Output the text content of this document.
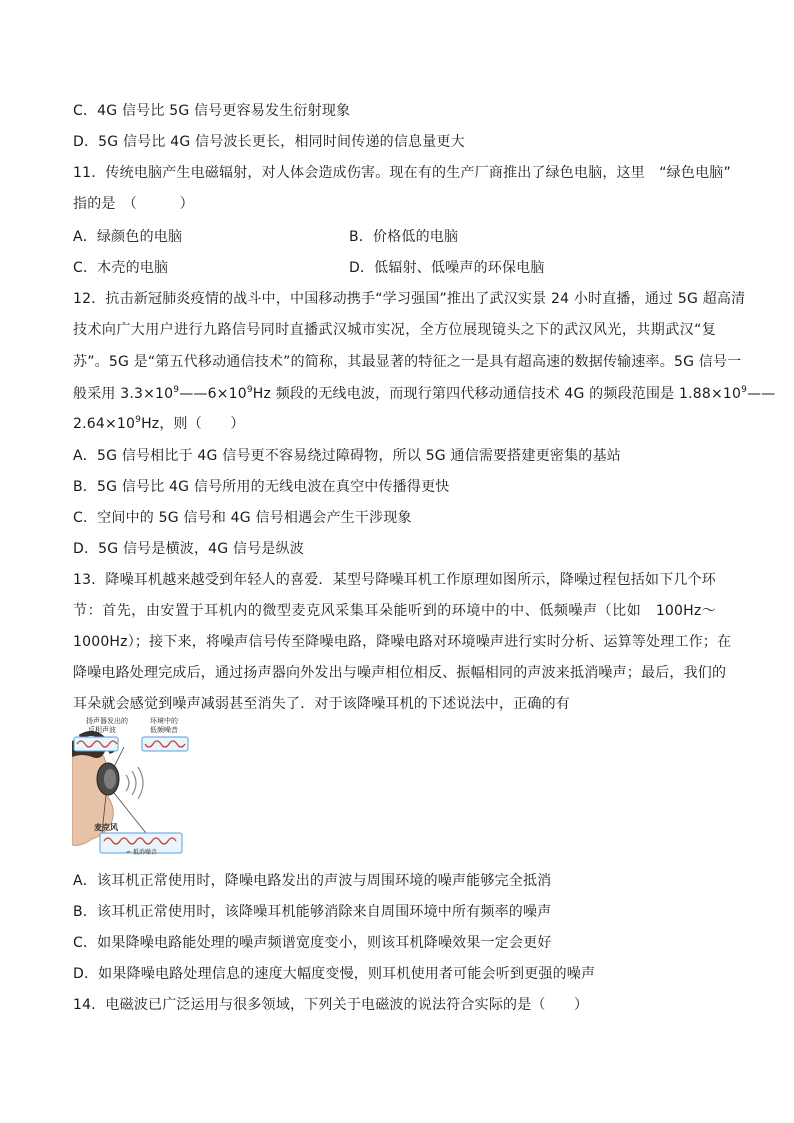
C．4G 信号比 5G 信号更容易发生衍射现象
D．5G 信号比 4G 信号波长更长，相同时间传递的信息量更大
11．传统电脑产生电磁辐射，对人体会造成伤害。现在有的生产厂商推出了绿色电脑，这里　“绿色电脑”
指的是　（　　　）
A．绿颜色的电脑	B．价格低的电脑
C．木壳的电脑	D．低辐射、低噪声的环保电脑
12．抗击新冠肺炎疫情的战斗中，中国移动携手“学习强国”推出了武汉实景 24 小时直播，通过 5G 超高清
技术向广大用户进行九路信号同时直播武汉城市实况，全方位展现镜头之下的武汉风光，共期武汉“复
苏”。5G 是“第五代移动通信技术”的简称，其最显著的特征之一是具有超高速的数据传输速率。5G 信号一
般采用 $3.3\times 10^9——6\times 10^9Hz$ 频段的无线电波，而现行第四代移动通信技术 4G 的频段范围是 $1.88\times 10^9——$
$2.64\times 10^9Hz$，则（　　）
A．5G 信号相比于 4G 信号更不容易绕过障碍物，所以 5G 通信需要搭建更密集的基站
B．5G 信号比 4G 信号所用的无线电波在真空中传播得更快
C．空间中的 5G 信号和 4G 信号相遇会产生干涉现象
D．5G 信号是横波，4G 信号是纵波
13．降噪耳机越来越受到年轻人的喜爱．某型号降噪耳机工作原理如图所示，降噪过程包括如下几个环
节：首先，由安置于耳机内的微型麦克风采集耳朵能听到的环境中的中、低频噪声（比如　100Hz～
1000Hz）；接下来，将噪声信号传至降噪电路，降噪电路对环境噪声进行实时分析、运算等处理工作；在
降噪电路处理完成后，通过扬声器向外发出与噪声相位相反、振幅相同的声波来抵消噪声；最后，我们的
耳朵就会感觉到噪声减弱甚至消失了．对于该降噪耳机的下述说法中，正确的有
扬声器发出的
反相声波
环境中的
低频噪音
麦克风
= 抵消噪音
A．该耳机正常使用时，降噪电路发出的声波与周围环境的噪声能够完全抵消
B．该耳机正常使用时，该降噪耳机能够消除来自周围环境中所有频率的噪声
C．如果降噪电路能处理的噪声频谱宽度变小，则该耳机降噪效果一定会更好
D．如果降噪电路处理信息的速度大幅度变慢，则耳机使用者可能会听到更强的噪声
14．电磁波已广泛运用与很多领域，下列关于电磁波的说法符合实际的是（　　）
